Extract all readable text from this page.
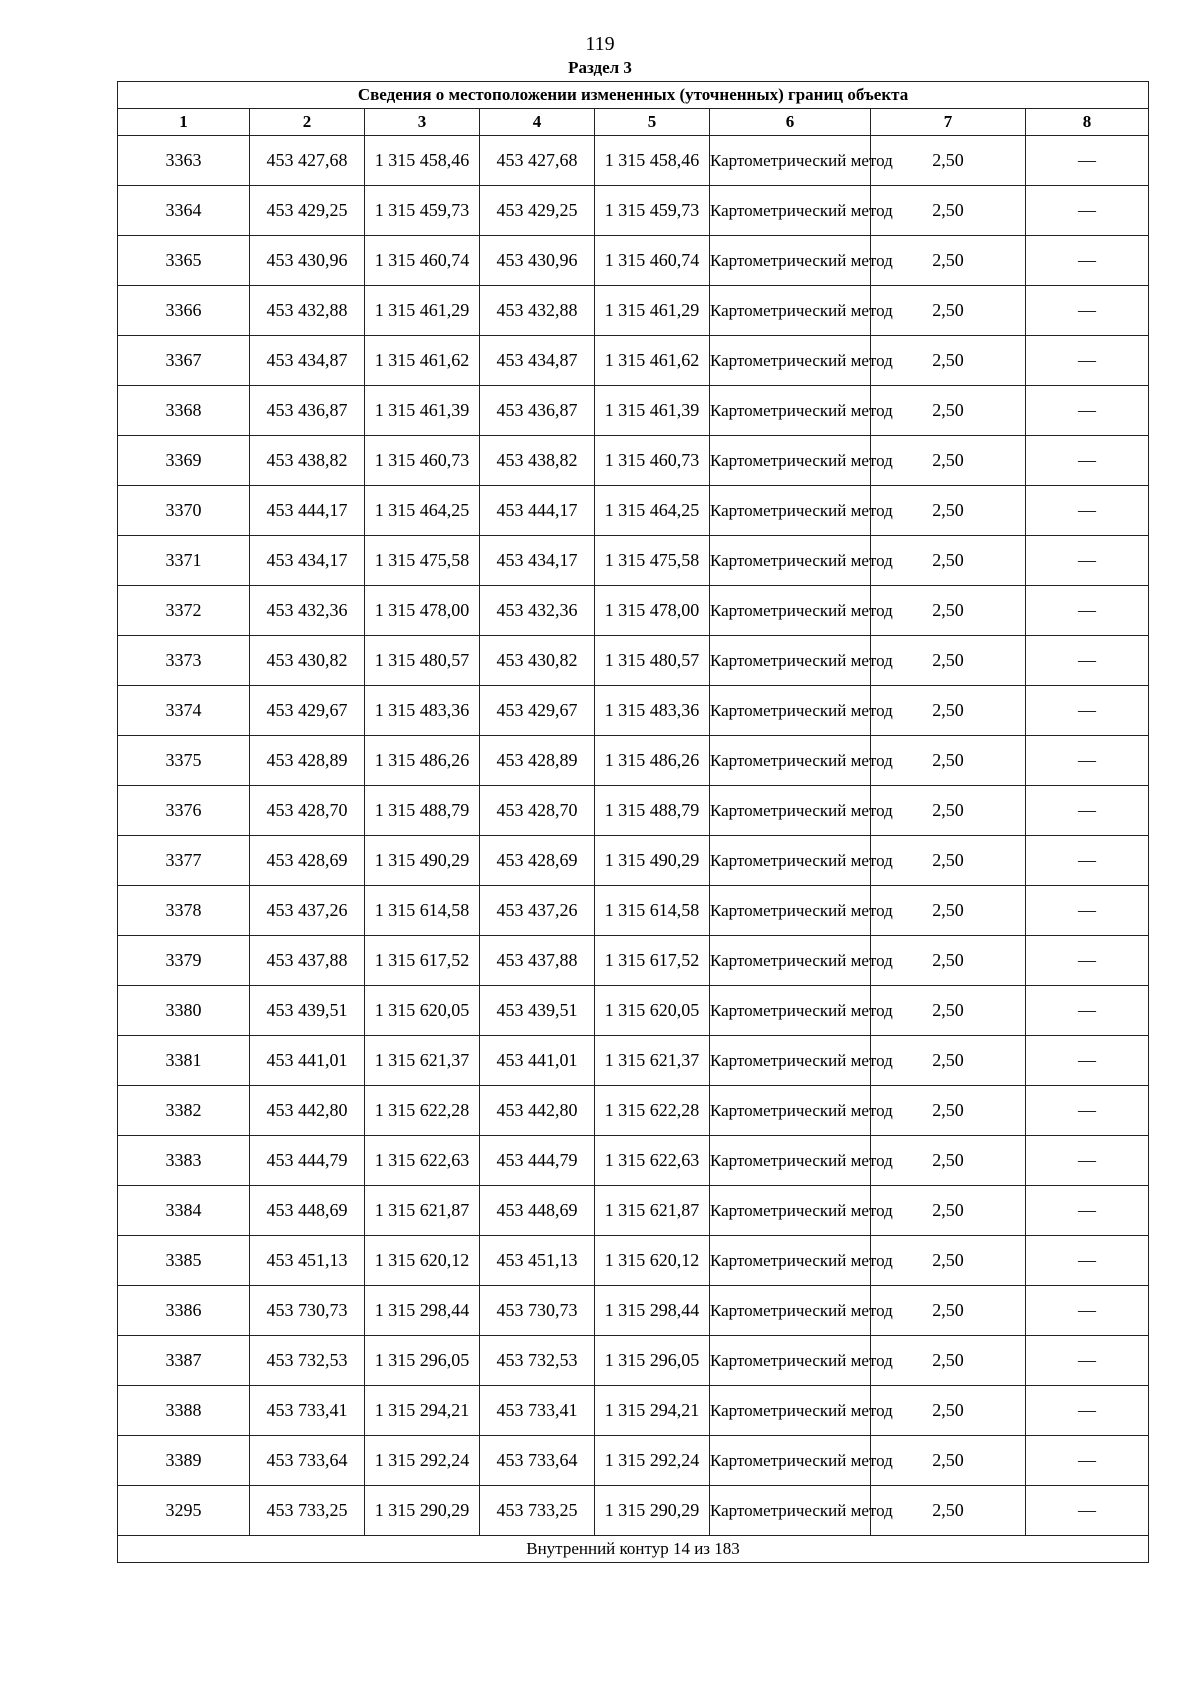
119
Раздел 3
Сведения о местоположении измененных (уточненных) границ объекта							
1	2	3	4	5	6	7	8
3363	453 427,68	1 315 458,46	453 427,68	1 315 458,46	Картометрический метод	2,50	—
3364	453 429,25	1 315 459,73	453 429,25	1 315 459,73	Картометрический метод	2,50	—
3365	453 430,96	1 315 460,74	453 430,96	1 315 460,74	Картометрический метод	2,50	—
3366	453 432,88	1 315 461,29	453 432,88	1 315 461,29	Картометрический метод	2,50	—
3367	453 434,87	1 315 461,62	453 434,87	1 315 461,62	Картометрический метод	2,50	—
3368	453 436,87	1 315 461,39	453 436,87	1 315 461,39	Картометрический метод	2,50	—
3369	453 438,82	1 315 460,73	453 438,82	1 315 460,73	Картометрический метод	2,50	—
3370	453 444,17	1 315 464,25	453 444,17	1 315 464,25	Картометрический метод	2,50	—
3371	453 434,17	1 315 475,58	453 434,17	1 315 475,58	Картометрический метод	2,50	—
3372	453 432,36	1 315 478,00	453 432,36	1 315 478,00	Картометрический метод	2,50	—
3373	453 430,82	1 315 480,57	453 430,82	1 315 480,57	Картометрический метод	2,50	—
3374	453 429,67	1 315 483,36	453 429,67	1 315 483,36	Картометрический метод	2,50	—
3375	453 428,89	1 315 486,26	453 428,89	1 315 486,26	Картометрический метод	2,50	—
3376	453 428,70	1 315 488,79	453 428,70	1 315 488,79	Картометрический метод	2,50	—
3377	453 428,69	1 315 490,29	453 428,69	1 315 490,29	Картометрический метод	2,50	—
3378	453 437,26	1 315 614,58	453 437,26	1 315 614,58	Картометрический метод	2,50	—
3379	453 437,88	1 315 617,52	453 437,88	1 315 617,52	Картометрический метод	2,50	—
3380	453 439,51	1 315 620,05	453 439,51	1 315 620,05	Картометрический метод	2,50	—
3381	453 441,01	1 315 621,37	453 441,01	1 315 621,37	Картометрический метод	2,50	—
3382	453 442,80	1 315 622,28	453 442,80	1 315 622,28	Картометрический метод	2,50	—
3383	453 444,79	1 315 622,63	453 444,79	1 315 622,63	Картометрический метод	2,50	—
3384	453 448,69	1 315 621,87	453 448,69	1 315 621,87	Картометрический метод	2,50	—
3385	453 451,13	1 315 620,12	453 451,13	1 315 620,12	Картометрический метод	2,50	—
3386	453 730,73	1 315 298,44	453 730,73	1 315 298,44	Картометрический метод	2,50	—
3387	453 732,53	1 315 296,05	453 732,53	1 315 296,05	Картометрический метод	2,50	—
3388	453 733,41	1 315 294,21	453 733,41	1 315 294,21	Картометрический метод	2,50	—
3389	453 733,64	1 315 292,24	453 733,64	1 315 292,24	Картометрический метод	2,50	—
3295	453 733,25	1 315 290,29	453 733,25	1 315 290,29	Картометрический метод	2,50	—
Внутренний контур 14 из 183							
